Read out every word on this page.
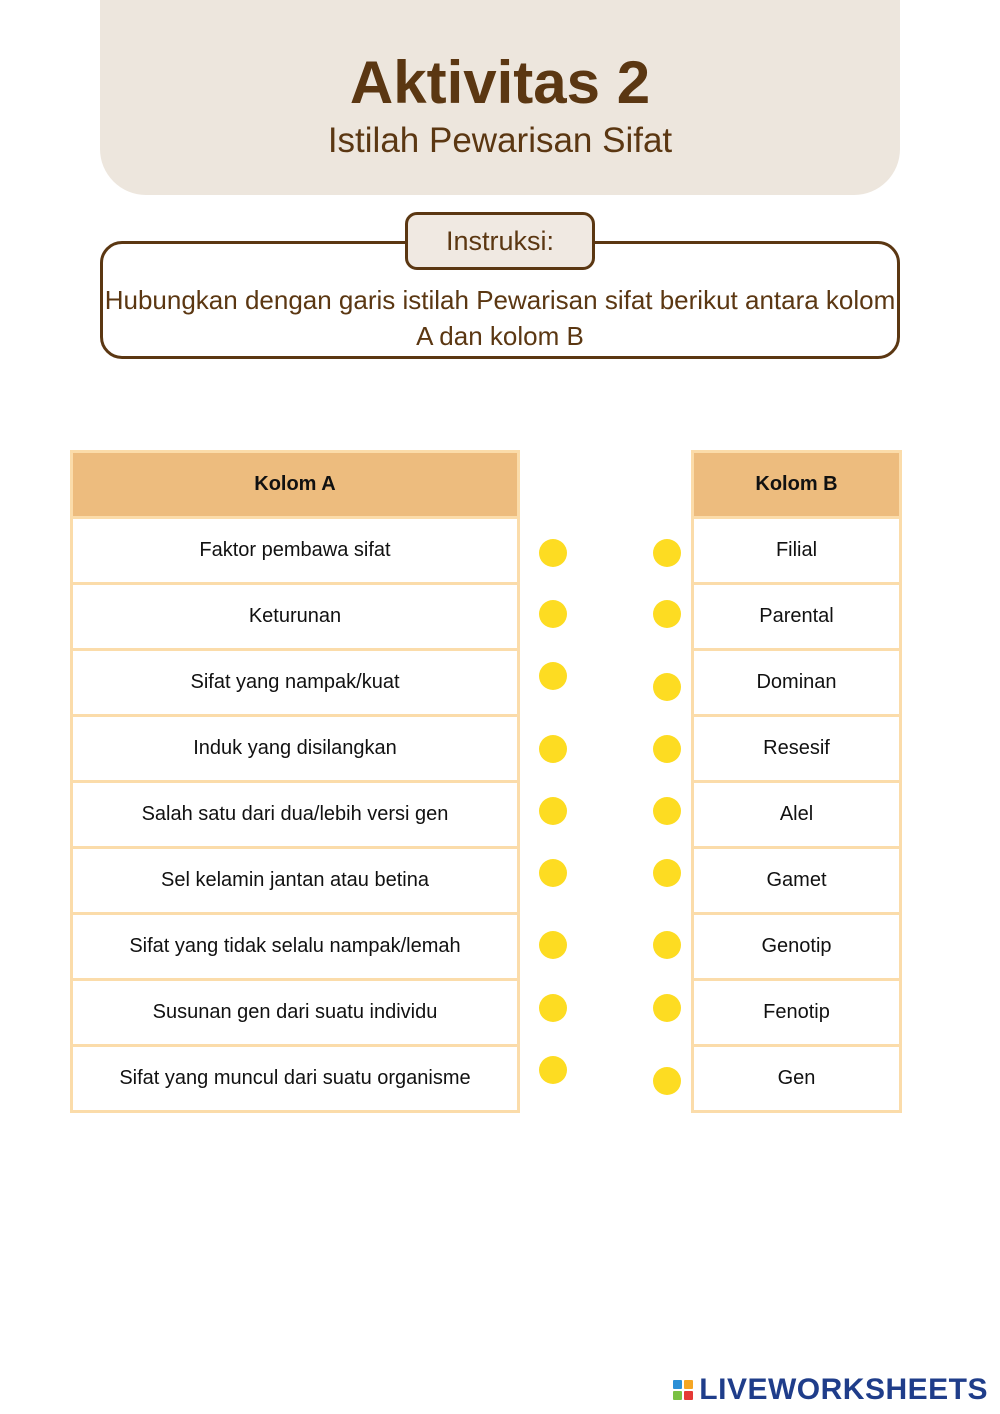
Aktivitas 2
Istilah Pewarisan Sifat
Instruksi:
Hubungkan dengan garis istilah Pewarisan sifat berikut antara kolom A dan kolom B
Kolom A
Faktor pembawa sifat
Keturunan
Sifat yang nampak/kuat
Induk yang disilangkan
Salah satu dari dua/lebih versi gen
Sel kelamin jantan atau betina
Sifat yang tidak selalu nampak/lemah
Susunan gen dari suatu individu
Sifat yang muncul dari suatu organisme
Kolom B
Filial
Parental
Dominan
Resesif
Alel
Gamet
Genotip
Fenotip
Gen
LIVEWORKSHEETS
